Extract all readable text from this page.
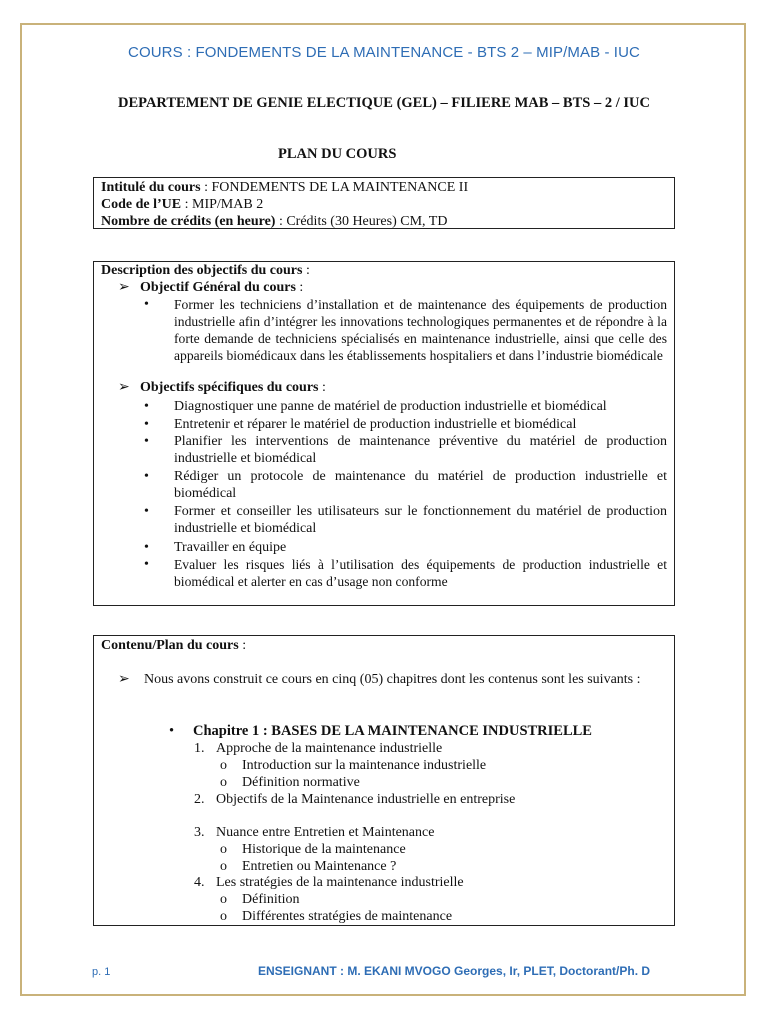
COURS : FONDEMENTS DE LA MAINTENANCE - BTS 2 – MIP/MAB - IUC
DEPARTEMENT DE GENIE ELECTIQUE (GEL) – FILIERE MAB – BTS – 2 / IUC
PLAN DU COURS
Intitulé du cours : FONDEMENTS DE LA MAINTENANCE II
Code de l’UE : MIP/MAB 2
Nombre de crédits (en heure) : Crédits (30 Heures) CM, TD
Description des objectifs du cours :
➢ Objectif Général du cours :
• Former les techniciens d’installation et de maintenance des équipements de production industrielle afin d’intégrer les innovations technologiques permanentes et de répondre à la forte demande de techniciens spécialisés en maintenance industrielle, ainsi que celle des appareils biomédicaux dans les établissements hospitaliers et dans l’industrie biomédicale
➢ Objectifs spécifiques du cours :
• Diagnostiquer une panne de matériel de production industrielle et biomédical
• Entretenir et réparer le matériel de production industrielle et biomédical
• Planifier les interventions de maintenance préventive du matériel de production industrielle et biomédical
• Rédiger un protocole de maintenance du matériel de production industrielle et biomédical
• Former et conseiller les utilisateurs sur le fonctionnement du matériel de production industrielle et biomédical
• Travailler en équipe
• Evaluer les risques liés à l’utilisation des équipements de production industrielle et biomédical et alerter en cas d’usage non conforme
Contenu/Plan du cours :
➢ Nous avons construit ce cours en cinq (05) chapitres dont les contenus sont les suivants :
• Chapitre 1 : BASES DE LA MAINTENANCE INDUSTRIELLE
1. Approche de la maintenance industrielle
o Introduction sur la maintenance industrielle
o Définition normative
2. Objectifs de la Maintenance industrielle en entreprise
3. Nuance entre Entretien et Maintenance
o Historique de la maintenance
o Entretien ou Maintenance ?
4. Les stratégies de la maintenance industrielle
o Définition
o Différentes stratégies de maintenance
p. 1	ENSEIGNANT : M. EKANI MVOGO Georges, Ir, PLET, Doctorant/Ph. D
